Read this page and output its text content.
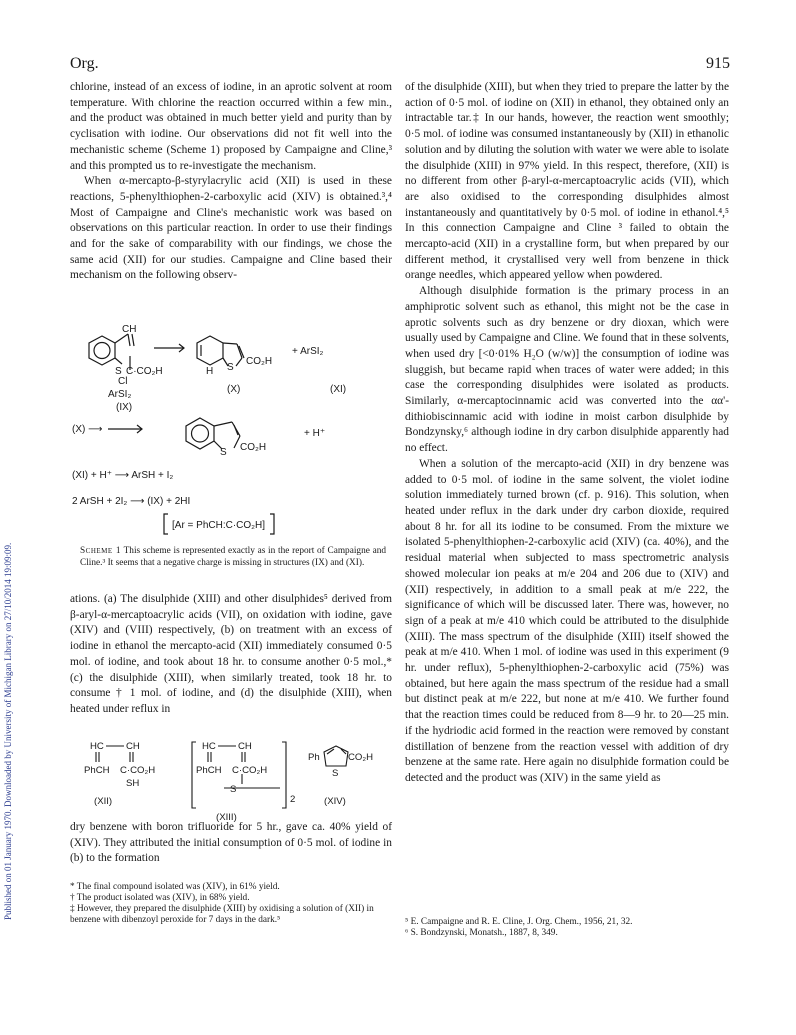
Published on 01 January 1970. Downloaded by University of Michigan Library on 27/10/2014 19:09:09.
Org.	915

chlorine, instead of an excess of iodine, in an aprotic solvent at room temperature. With chlorine the reaction occurred within a few min., and the product was obtained in much better yield and purity than by cyclisation with iodine. Our observations did not fit well into the mechanistic scheme (Scheme 1) proposed by Campaigne and Cline,³ and this prompted us to re-investigate the mechanism.

When α-mercapto-β-styrylacrylic acid (XII) is used in these reactions, 5-phenylthiophen-2-carboxylic acid (XIV) is obtained.³,⁴ Most of Campaigne and Cline's mechanistic work was based on observations on this particular reaction. In order to use their findings and for the sake of comparability with our findings, we chose the same acid (XII) for our studies. Campaigne and Cline based their mechanism on the following observ-

CH
S C·CO₂H
Cl
ArSI₂
S
CO₂H
H
+ ArSI₂
(IX)
(X)	(XI)
(X) ⟶
S CO₂H
+ H⁺
(XI) + H⁺ ⟶ ArSH + I₂
2 ArSH + 2I₂ ⟶ (IX) + 2HI
[Ar = PhCH:C·CO₂H]
Scheme 1 This scheme is represented exactly as in the report of Campaigne and Cline.³ It seems that a negative charge is missing in structures (IX) and (XI).

ations. (a) The disulphide (XIII) and other disulphides⁵ derived from β-aryl-α-mercaptoacrylic acids (VII), on oxidation with iodine, gave (XIV) and (VIII) respectively, (b) on treatment with an excess of iodine in ethanol the mercapto-acid (XII) immediately consumed 0·5 mol. of iodine, and took about 18 hr. to consume another 0·5 mol.,* (c) the disulphide (XIII), when similarly treated, took 18 hr. to consume † 1 mol. of iodine, and (d) the disulphide (XIII), when heated under reflux in

HC CH
PhCH C·CO₂H
SH
(XII)
HC CH
PhCH C·CO₂H
S
2
(XIII)
Ph
S
CO₂H
(XIV)

dry benzene with boron trifluoride for 5 hr., gave ca. 40% yield of (XIV). They attributed the initial consumption of 0·5 mol. of iodine in (b) to the formation

* The final compound isolated was (XIV), in 61% yield.

† The product isolated was (XIV), in 68% yield.

‡ However, they prepared the disulphide (XIII) by oxidising a solution of (XII) in benzene with dibenzoyl peroxide for 7 days in the dark.⁵

of the disulphide (XIII), but when they tried to prepare the latter by the action of 0·5 mol. of iodine on (XII) in ethanol, they obtained only an intractable tar.‡ In our hands, however, the reaction went smoothly; 0·5 mol. of iodine was consumed instantaneously by (XII) in ethanolic solution and by diluting the solution with water we were able to isolate the disulphide (XIII) in 97% yield. In this respect, therefore, (XII) is no different from other β-aryl-α-mercaptoacrylic acids (VII), which are also oxidised to the corresponding disulphides almost instantaneously and quantitatively by 0·5 mol. of iodine in ethanol.⁴,⁵ In this connection Campaigne and Cline ³ failed to obtain the mercapto-acid (XII) in a crystalline form, but when prepared by our different method, it crystallised very well from benzene in thick orange needles, which appeared yellow when powdered.

Although disulphide formation is the primary process in an amphiprotic solvent such as ethanol, this might not be the case in aprotic solvents such as dry benzene or dry dioxan, which were usually used by Campaigne and Cline. We found that in these solvents, when used dry [<0·01% H₂O (w/w)] the consumption of iodine was sluggish, but became rapid when traces of water were added; in this case the corresponding disulphides were isolated as products. Similarly, α-mercaptocinnamic acid was converted into the αα'-dithiobiscinnamic acid with iodine in moist carbon disulphide by Bondzynsky,⁶ although iodine in dry carbon disulphide apparently had no effect.

When a solution of the mercapto-acid (XII) in dry benzene was added to 0·5 mol. of iodine in the same solvent, the violet iodine solution immediately turned brown (cf. p. 916). This solution, when heated under reflux in the dark under dry carbon dioxide, required about 8 hr. for all its iodine to be consumed. From the mixture we isolated 5-phenylthiophen-2-carboxylic acid (XIV) (ca. 40%), and the residual material when subjected to mass spectrometric analysis showed molecular ion peaks at m/e 204 and 206 due to (XIV) and (XII) respectively, in addition to a small peak at m/e 222, the significance of which will be discussed later. There was, however, no sign of a peak at m/e 410 which could be attributed to the disulphide (XIII). The mass spectrum of the disulphide (XIII) itself showed the peak at m/e 410. When 1 mol. of iodine was used in this experiment (9 hr. under reflux), 5-phenylthiophen-2-carboxylic acid (75%) was obtained, but here again the mass spectrum of the residue had a small but distinct peak at m/e 222, but none at m/e 410. We further found that the reaction times could be reduced from 8—9 hr. to 20—25 min. if the hydriodic acid formed in the reaction were removed by constant distillation of benzene from the reaction vessel with addition of dry benzene at the same rate. Here again no disulphide formation could be detected and the product was (XIV) in the same yield as

⁵ E. Campaigne and R. E. Cline, J. Org. Chem., 1956, 21, 32.

⁶ S. Bondzynski, Monatsh., 1887, 8, 349.
